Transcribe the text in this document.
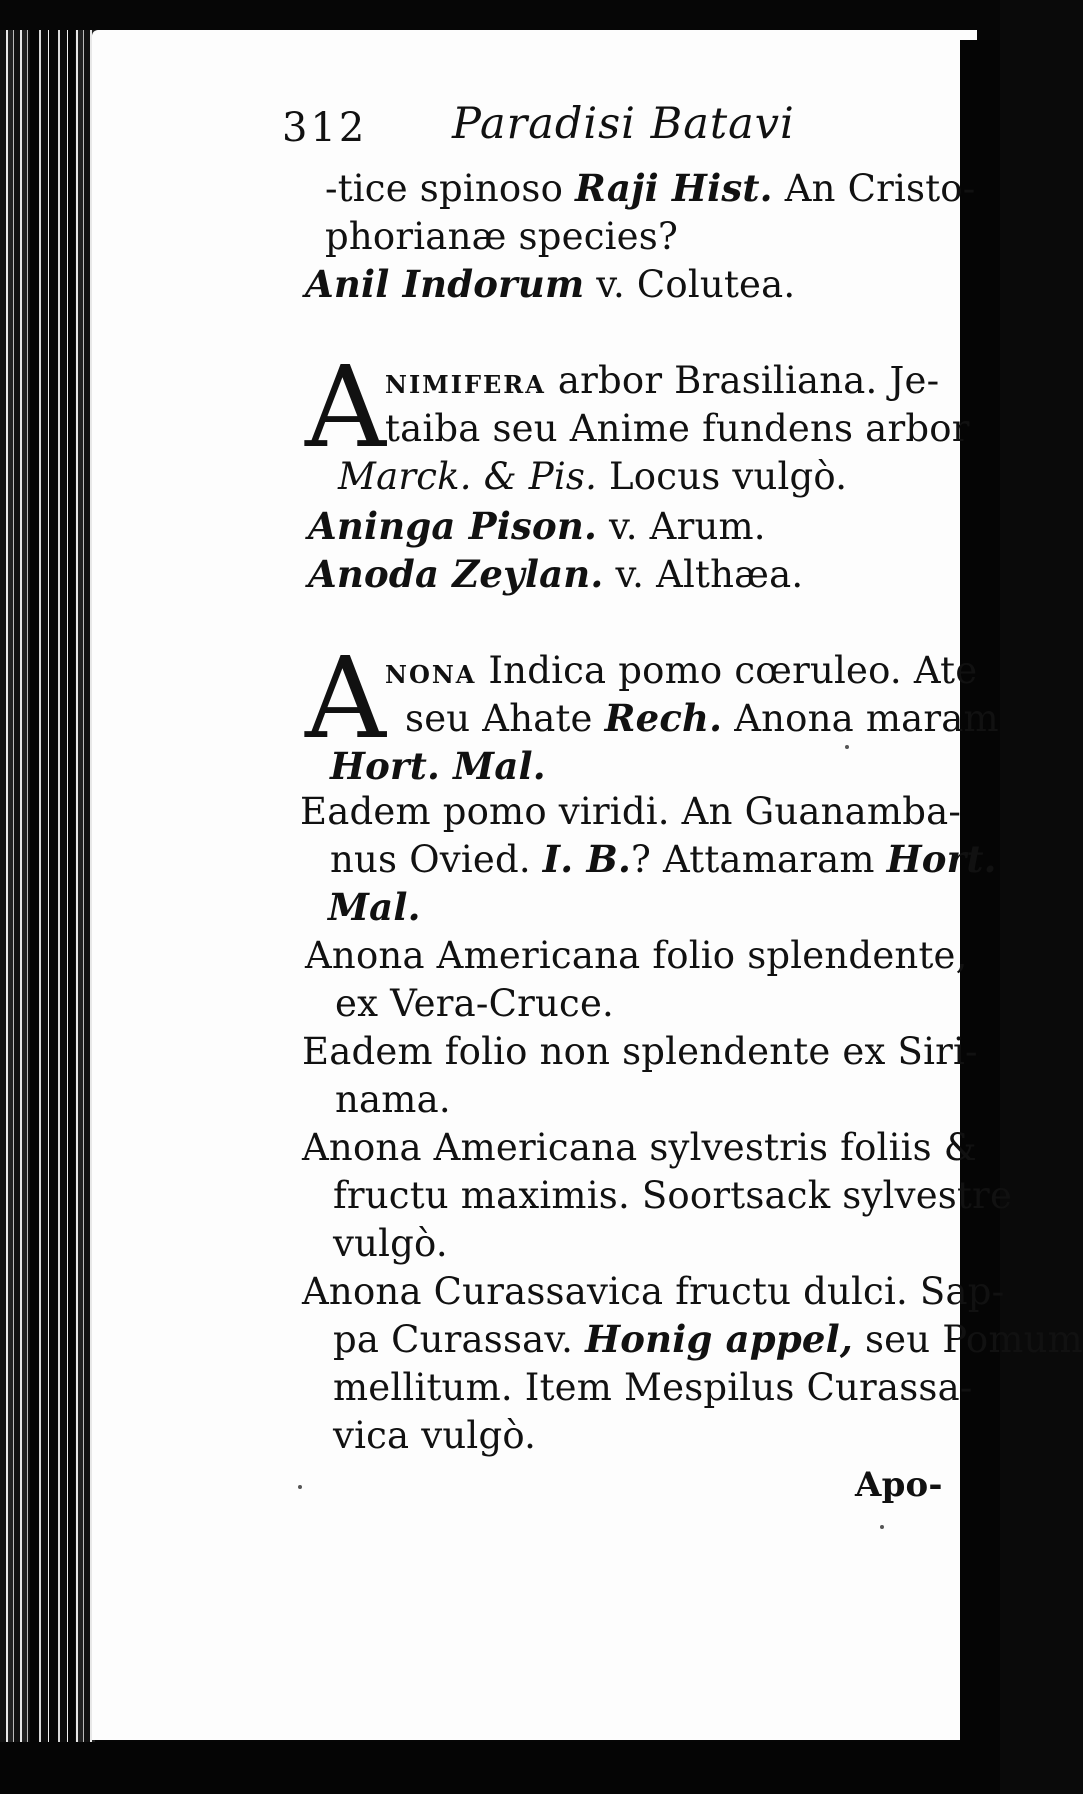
312 Paradisi Batavi
-tice spinoso Raji Hist. An Cristo-
phorianæ species?
Anil Indorum v. Colutea.
A NIMIFERA arbor Brasiliana. Je-
taiba seu Anime fundens arbor
Marck. & Pis. Locus vulgò.
Aninga Pison. v. Arum.
Anoda Zeylan. v. Althæa.
A NONA Indica pomo cœruleo. Ate
seu Ahate Rech. Anona maram
Hort. Mal.
Eadem pomo viridi. An Guanamba-
nus Ovied. I. B.? Attamaram Hort.
Mal.
Anona Americana folio splendente,
ex Vera-Cruce.
Eadem folio non splendente ex Siri-
nama.
Anona Americana sylvestris foliis &
fructu maximis. Soortsack sylvestre
vulgò.
Anona Curassavica fructu dulci. Sap-
pa Curassav. Honig appel, seu Pomum
mellitum. Item Mespilus Curassa-
vica vulgò.
Apo-
